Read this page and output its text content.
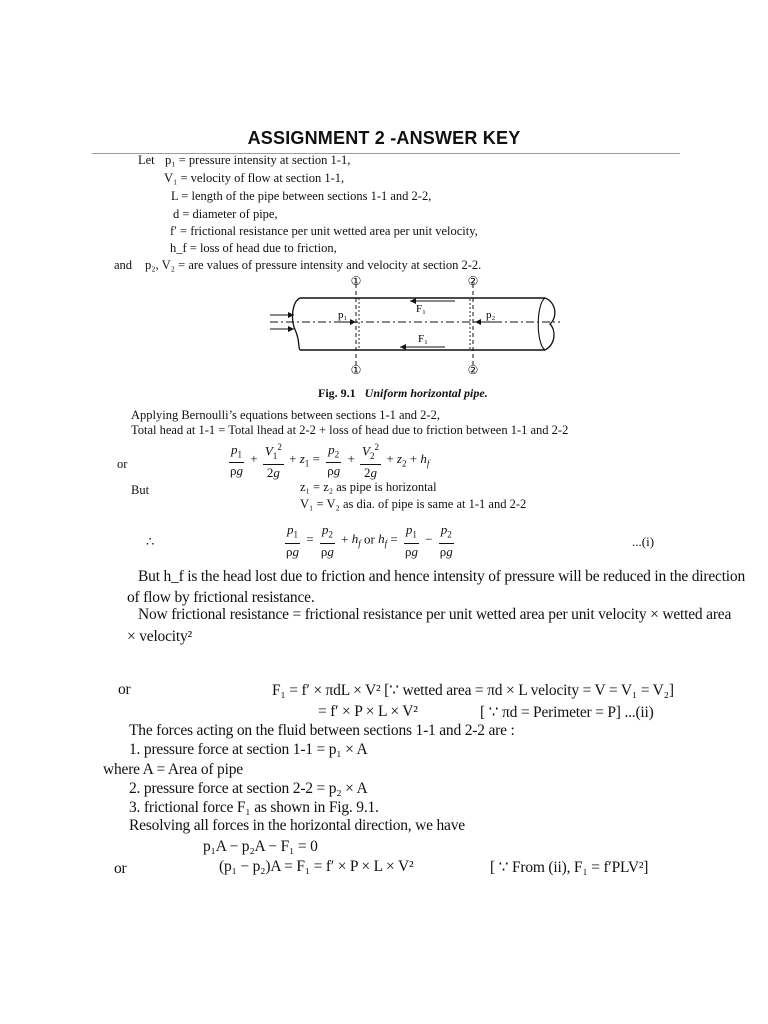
ASSIGNMENT 2 -ANSWER KEY
Let p₁ = pressure intensity at section 1-1,
V₁ = velocity of flow at section 1-1,
L = length of the pipe between sections 1-1 and 2-2,
d = diameter of pipe,
f′ = frictional resistance per unit wetted area per unit velocity,
h_f = loss of head due to friction,
and p₂, V₂ = are values of pressure intensity and velocity at section 2-2.
①	②
①	②
p₁	p₂
F₁
F₁
Fig. 9.1 Uniform horizontal pipe.
Applying Bernoulli’s equations between sections 1-1 and 2-2,
Total head at 1-1 = Total lhead at 2-2 + loss of head due to friction between 1-1 and 2-2
or	$\frac{p_1}{\rho g} + \frac{V_1^2}{2g} + z_1 = \frac{p_2}{\rho g} + \frac{V_2^2}{2g} + z_2 + h_f$
But	z₁ = z₂ as pipe is horizontal
V₁ = V₂ as dia. of pipe is same at 1-1 and 2-2
∴	$\frac{p_1}{\rho g} = \frac{p_2}{\rho g} + h_f$ or $h_f = \frac{p_1}{\rho g} - \frac{p_2}{\rho g}$	...(i)
But h_f is the head lost due to friction and hence intensity of pressure will be reduced in the direction
of flow by frictional resistance.
Now frictional resistance = frictional resistance per unit wetted area per unit velocity × wetted area
× velocity²
or	F₁ = f′ × πdL × V² [∵ wetted area = πd × L velocity = V = V₁ = V₂]
= f′ × P × L × V²	[ ∵ πd = Perimeter = P] ...(ii)
The forces acting on the fluid between sections 1-1 and 2-2 are :
1. pressure force at section 1-1 = p₁ × A
where A = Area of pipe
2. pressure force at section 2-2 = p₂ × A
3. frictional force F₁ as shown in Fig. 9.1.
Resolving all forces in the horizontal direction, we have
p₁A − p₂A − F₁ = 0
or	(p₁ − p₂)A = F₁ = f′ × P × L × V²	[ ∵ From (ii), F₁ = f′PLV²]
